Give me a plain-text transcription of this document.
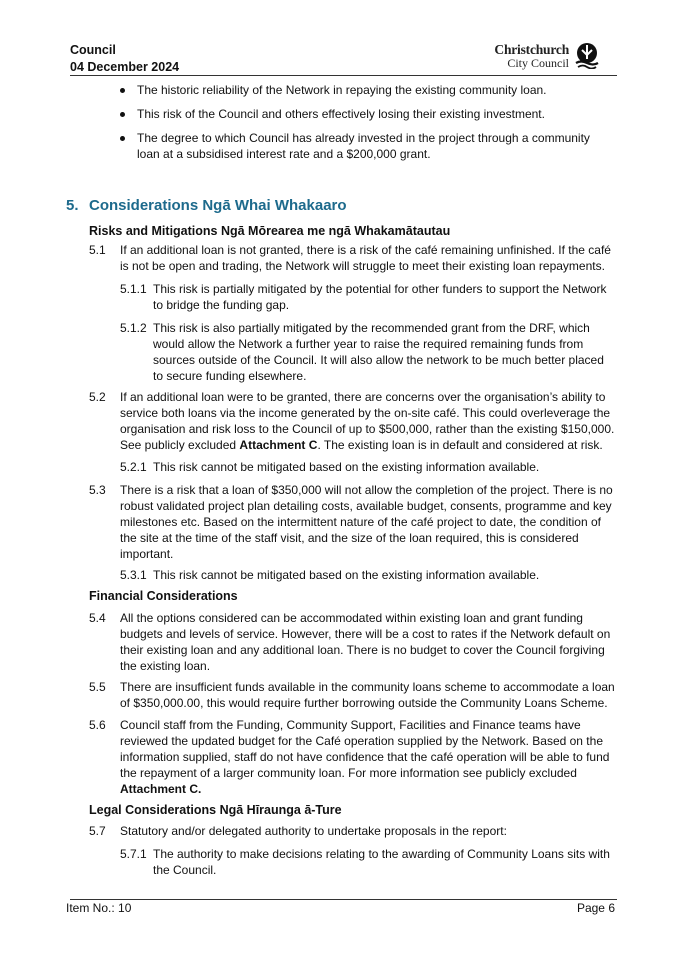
Council
04 December 2024
Christchurch
City Council
The historic reliability of the Network in repaying the existing community loan.
This risk of the Council and others effectively losing their existing investment.
The degree to which Council has already invested in the project through a community loan at a subsidised interest rate and a $200,000 grant.
5. Considerations Ngā Whai Whakaaro
Risks and Mitigations Ngā Mōrearea me ngā Whakamātautau
5.1 If an additional loan is not granted, there is a risk of the café remaining unfinished. If the café is not be open and trading, the Network will struggle to meet their existing loan repayments.
5.1.1 This risk is partially mitigated by the potential for other funders to support the Network to bridge the funding gap.
5.1.2 This risk is also partially mitigated by the recommended grant from the DRF, which would allow the Network a further year to raise the required remaining funds from sources outside of the Council. It will also allow the network to be much better placed to secure funding elsewhere.
5.2 If an additional loan were to be granted, there are concerns over the organisation’s ability to service both loans via the income generated by the on-site café. This could overleverage the organisation and risk loss to the Council of up to $500,000, rather than the existing $150,000. See publicly excluded Attachment C. The existing loan is in default and considered at risk.
5.2.1 This risk cannot be mitigated based on the existing information available.
5.3 There is a risk that a loan of $350,000 will not allow the completion of the project. There is no robust validated project plan detailing costs, available budget, consents, programme and key milestones etc. Based on the intermittent nature of the café project to date, the condition of the site at the time of the staff visit, and the size of the loan required, this is considered important.
5.3.1 This risk cannot be mitigated based on the existing information available.
Financial Considerations
5.4 All the options considered can be accommodated within existing loan and grant funding budgets and levels of service. However, there will be a cost to rates if the Network default on their existing loan and any additional loan. There is no budget to cover the Council forgiving the existing loan.
5.5 There are insufficient funds available in the community loans scheme to accommodate a loan of $350,000.00, this would require further borrowing outside the Community Loans Scheme.
5.6 Council staff from the Funding, Community Support, Facilities and Finance teams have reviewed the updated budget for the Café operation supplied by the Network. Based on the information supplied, staff do not have confidence that the café operation will be able to fund the repayment of a larger community loan. For more information see publicly excluded Attachment C.
Legal Considerations Ngā Hīraunga ā-Ture
5.7 Statutory and/or delegated authority to undertake proposals in the report:
5.7.1 The authority to make decisions relating to the awarding of Community Loans sits with the Council.
Item No.: 10	Page 6
